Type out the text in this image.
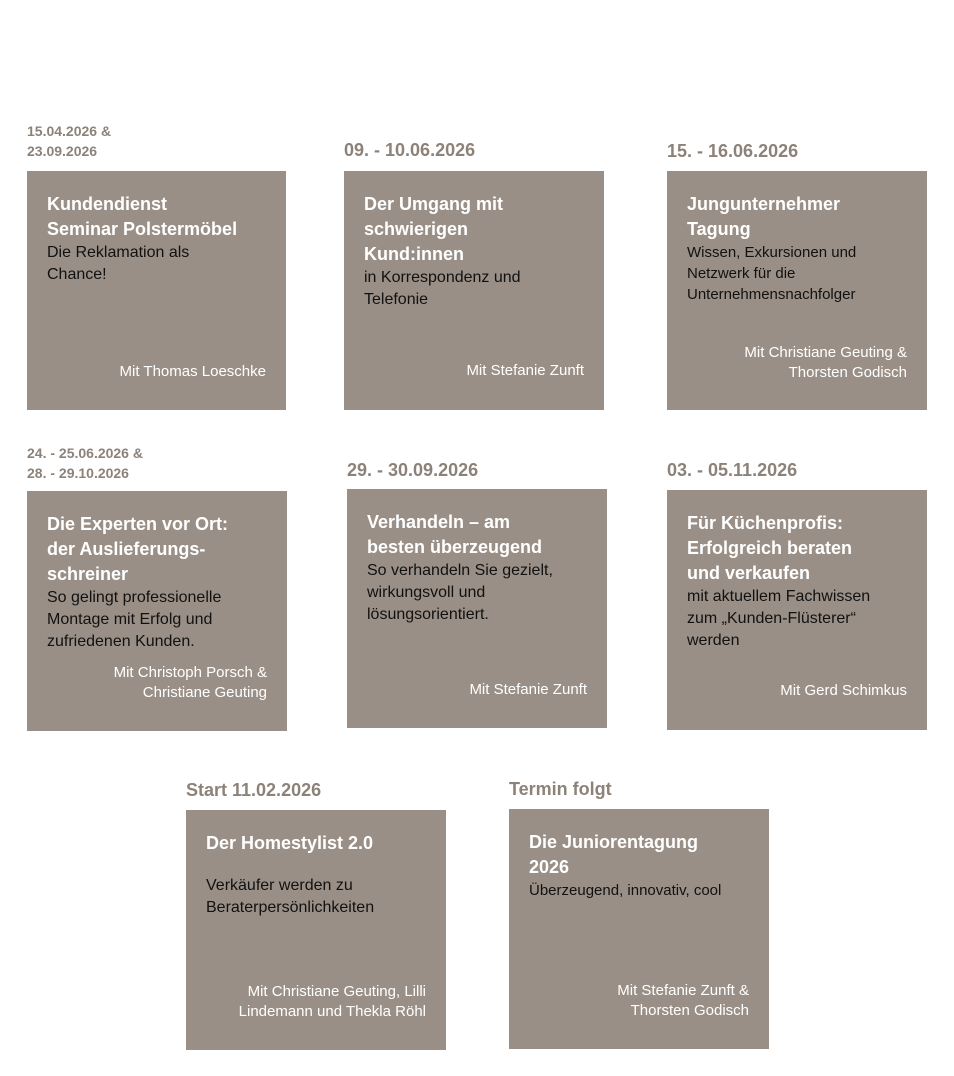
15.04.2026 &
23.09.2026

Kundendienst
Seminar Polstermöbel

Die Reklamation als
Chance!

Mit Thomas Loeschke
09. - 10.06.2026

Der Umgang mit
schwierigen
Kund:innen

in Korrespondenz und
Telefonie

Mit Stefanie Zunft
15. - 16.06.2026

Jungunternehmer
Tagung

Wissen, Exkursionen und
Netzwerk für die
Unternehmensnachfolger

Mit Christiane Geuting &
Thorsten Godisch
24. - 25.06.2026 &
28. - 29.10.2026

Die Experten vor Ort:
der Auslieferungs-
schreiner

So gelingt professionelle
Montage mit Erfolg und
zufriedenen Kunden.

Mit Christoph Porsch &
Christiane Geuting
29. - 30.09.2026

Verhandeln – am
besten überzeugend

So verhandeln Sie gezielt,
wirkungsvoll und
lösungsorientiert.

Mit Stefanie Zunft
03. - 05.11.2026

Für Küchenprofis:
Erfolgreich beraten
und verkaufen

mit aktuellem Fachwissen
zum „Kunden-Flüsterer“
werden

Mit Gerd Schimkus
Start 11.02.2026

Der Homestylist 2.0

Verkäufer werden zu
Beraterpersönlichkeiten

Mit Christiane Geuting, Lilli
Lindemann und Thekla Röhl
Termin folgt

Die Juniorentagung
2026

Überzeugend, innovativ, cool

Mit Stefanie Zunft &
Thorsten Godisch
